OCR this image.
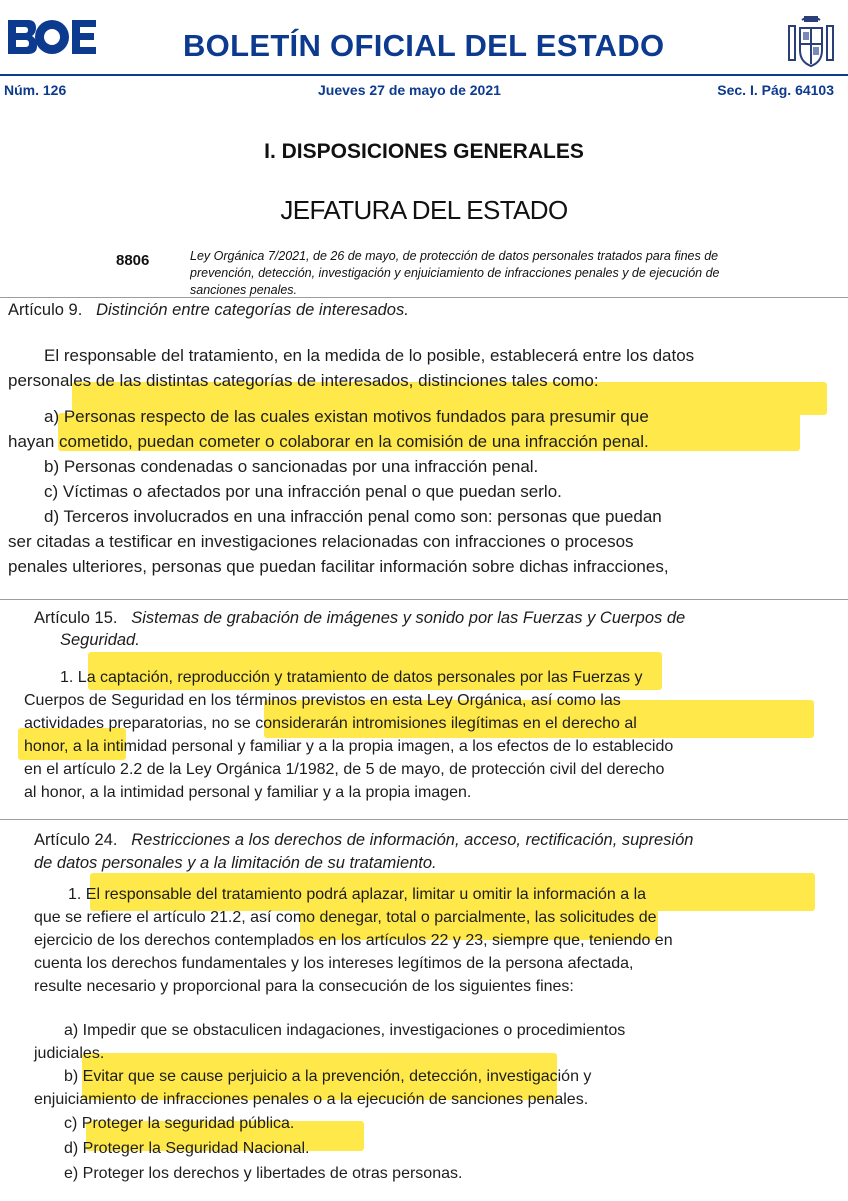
BOLETÍN OFICIAL DEL ESTADO
Núm. 126	Jueves 27 de mayo de 2021	Sec. I. Pág. 64103
I. DISPOSICIONES GENERALES
JEFATURA DEL ESTADO
8806	Ley Orgánica 7/2021, de 26 de mayo, de protección de datos personales tratados para fines de prevención, detección, investigación y enjuiciamiento de infracciones penales y de ejecución de sanciones penales.
Artículo 9. Distinción entre categorías de interesados.
El responsable del tratamiento, en la medida de lo posible, establecerá entre los datos
personales de las distintas categorías de interesados, distinciones tales como:
a) Personas respecto de las cuales existan motivos fundados para presumir que
hayan cometido, puedan cometer o colaborar en la comisión de una infracción penal.
b) Personas condenadas o sancionadas por una infracción penal.
c) Víctimas o afectados por una infracción penal o que puedan serlo.
d) Terceros involucrados en una infracción penal como son: personas que puedan
ser citadas a testificar en investigaciones relacionadas con infracciones o procesos
penales ulteriores, personas que puedan facilitar información sobre dichas infracciones,
Artículo 15. Sistemas de grabación de imágenes y sonido por las Fuerzas y Cuerpos de
Seguridad.
1. La captación, reproducción y tratamiento de datos personales por las Fuerzas y
Cuerpos de Seguridad en los términos previstos en esta Ley Orgánica, así como las
actividades preparatorias, no se considerarán intromisiones ilegítimas en el derecho al
honor, a la intimidad personal y familiar y a la propia imagen, a los efectos de lo establecido
en el artículo 2.2 de la Ley Orgánica 1/1982, de 5 de mayo, de protección civil del derecho
al honor, a la intimidad personal y familiar y a la propia imagen.
Artículo 24. Restricciones a los derechos de información, acceso, rectificación, supresión
de datos personales y a la limitación de su tratamiento.
1. El responsable del tratamiento podrá aplazar, limitar u omitir la información a la
que se refiere el artículo 21.2, así como denegar, total o parcialmente, las solicitudes de
ejercicio de los derechos contemplados en los artículos 22 y 23, siempre que, teniendo en
cuenta los derechos fundamentales y los intereses legítimos de la persona afectada,
resulte necesario y proporcional para la consecución de los siguientes fines:
a) Impedir que se obstaculicen indagaciones, investigaciones o procedimientos
judiciales.
b) Evitar que se cause perjuicio a la prevención, detección, investigación y
enjuiciamiento de infracciones penales o a la ejecución de sanciones penales.
c) Proteger la seguridad pública.
d) Proteger la Seguridad Nacional.
e) Proteger los derechos y libertades de otras personas.
